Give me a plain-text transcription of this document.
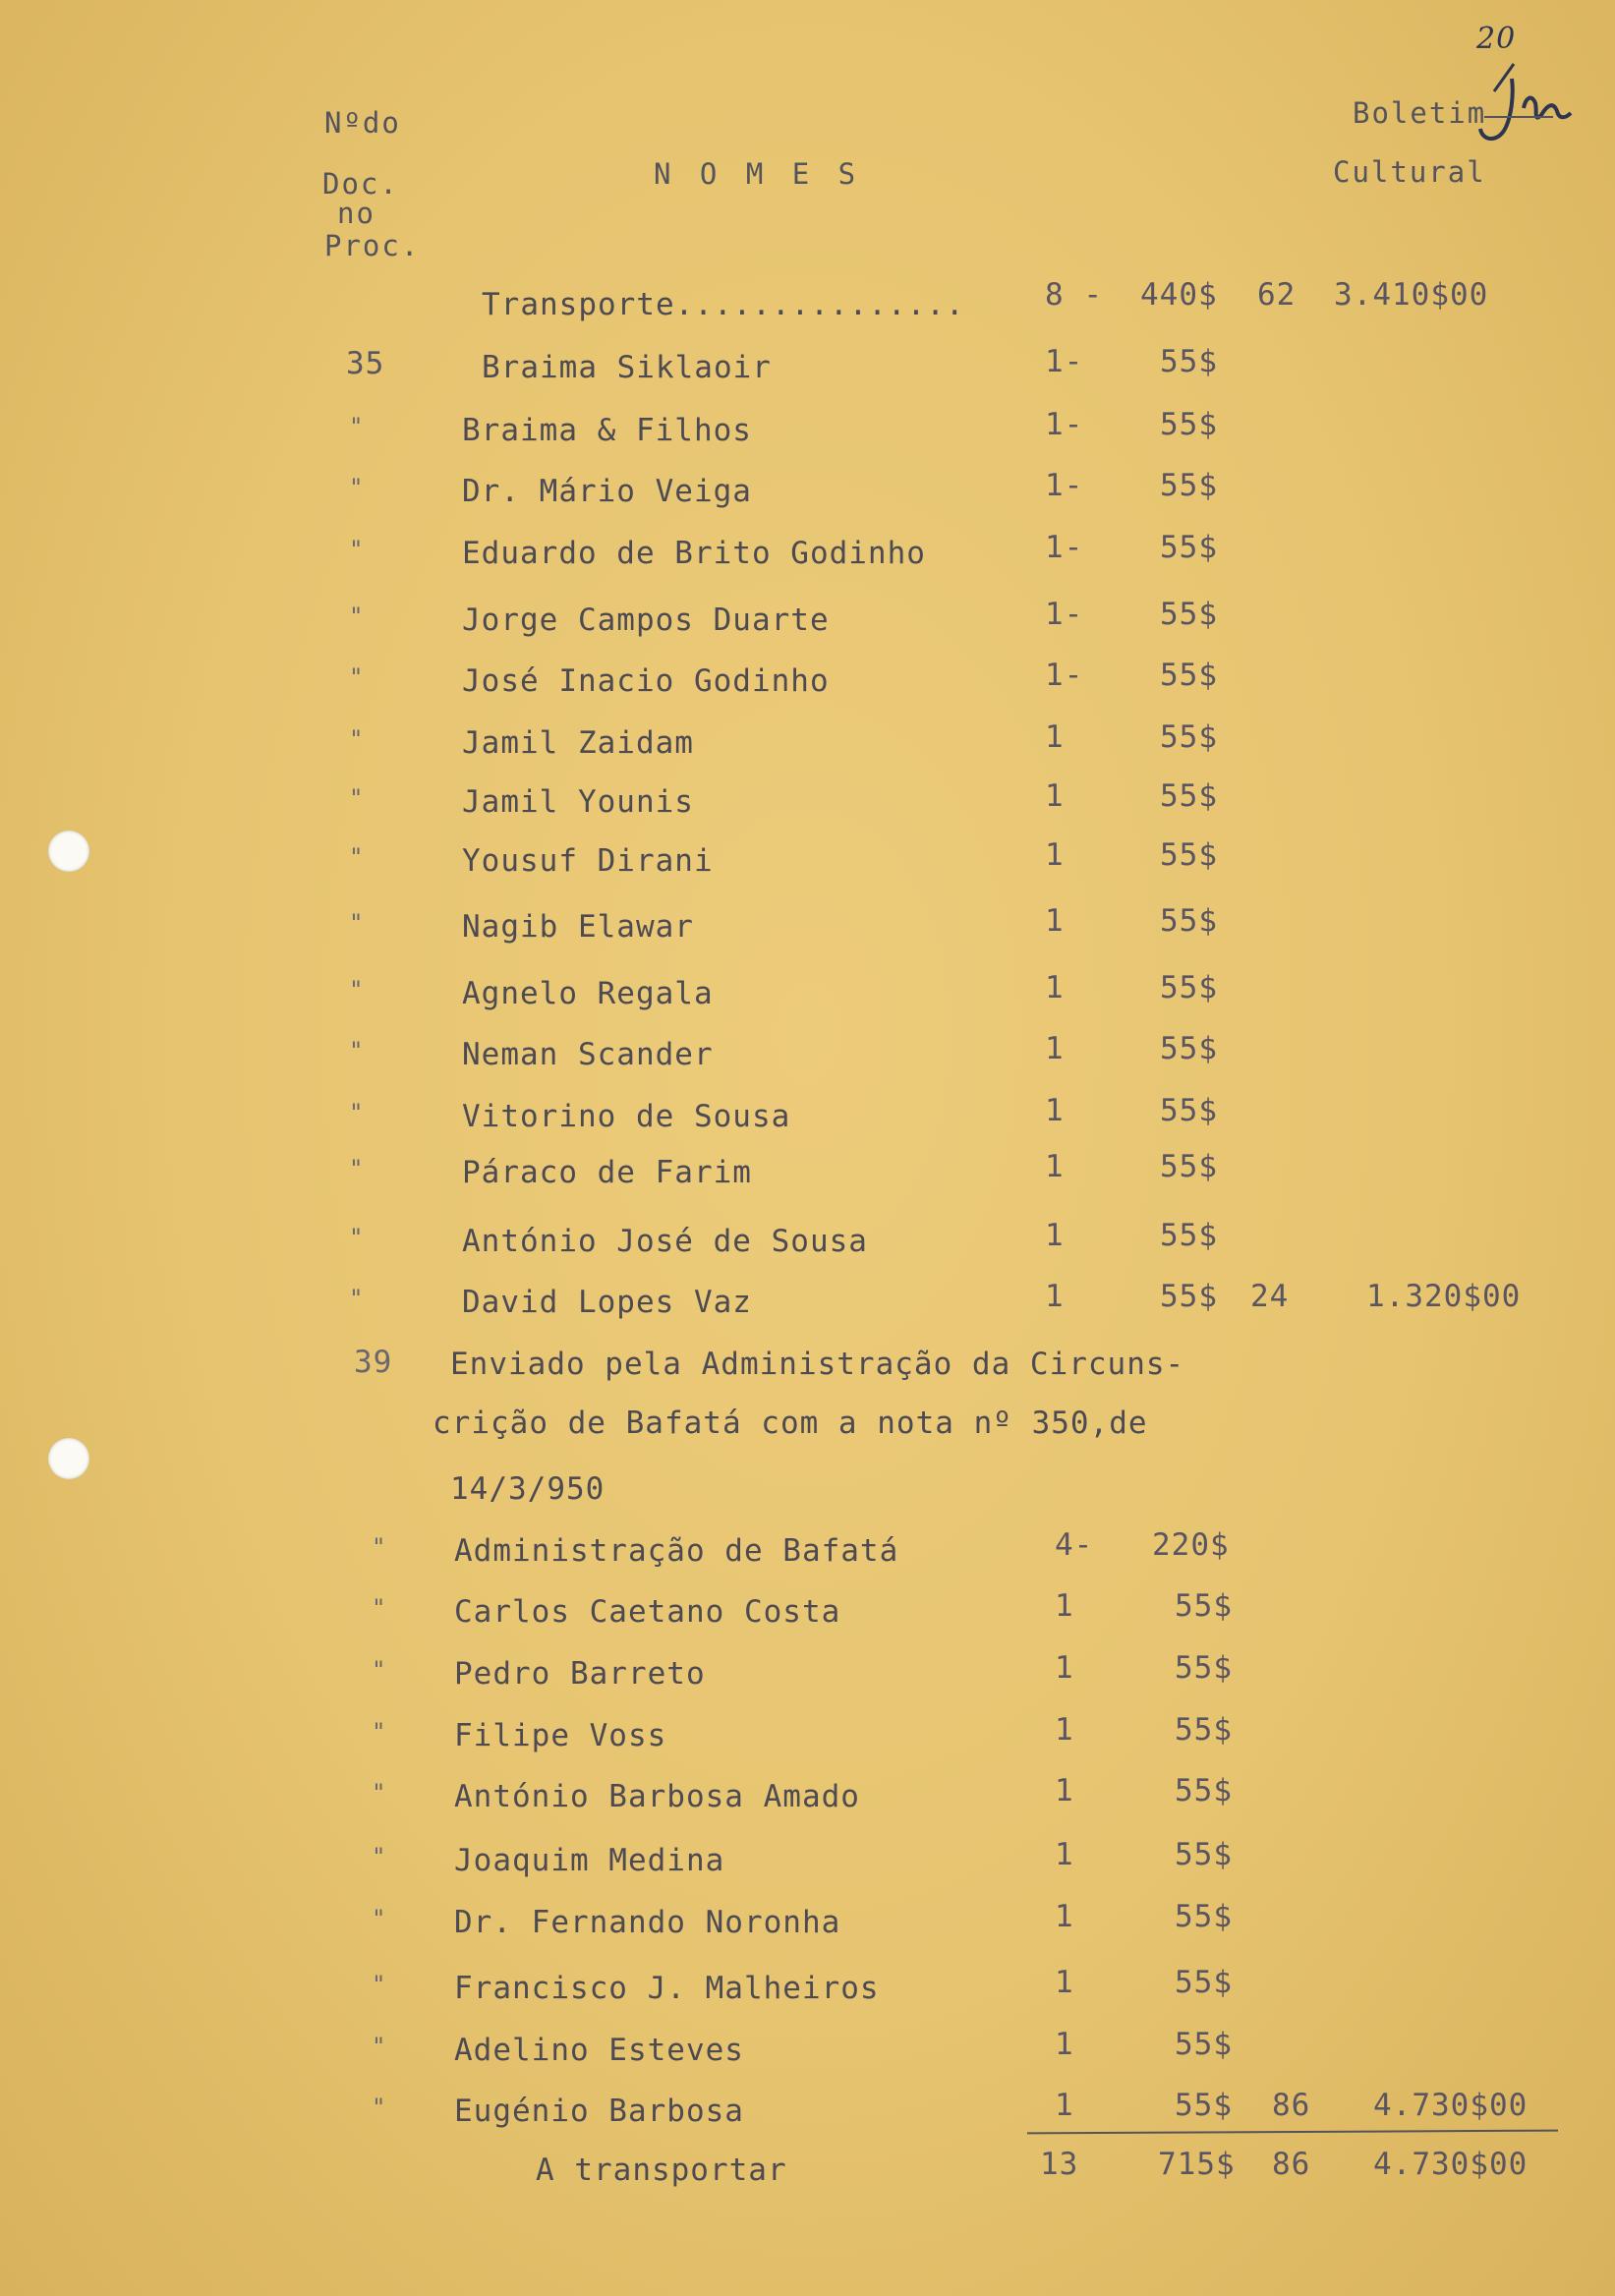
20
Nºdo
Doc.
no
Proc.
N O M E S
Boletim
Cultural
Transporte...............	8 - 440$ 62 3.410$00
35	Braima Siklaoir	1-	55$
"	Braima & Filhos	1-	55$
"	Dr. Mário Veiga	1-	55$
"	Eduardo de Brito Godinho	1-	55$
"	Jorge Campos Duarte	1-	55$
"	José Inacio Godinho	1-	55$
"	Jamil Zaidam	1	55$
"	Jamil Younis	1	55$
"	Yousuf Dirani	1	55$
"	Nagib Elawar	1	55$
"	Agnelo Regala	1	55$
"	Neman Scander	1	55$
"	Vitorino de Sousa	1	55$
"	Páraco de Farim	1	55$
"	António José de Sousa	1	55$
"	David Lopes Vaz	1	55$ 24	1.320$00
39 Enviado pela Administração da Circuns-
crição de Bafatá com a nota nº 350,de
14/3/950
" Administração de Bafatá	4- 220$
" Carlos Caetano Costa	1	55$
" Pedro Barreto	1	55$
" Filipe Voss	1	55$
" António Barbosa Amado	1	55$
" Joaquim Medina	1	55$
" Dr. Fernando Noronha	1	55$
" Francisco J. Malheiros	1	55$
" Adelino Esteves	1	55$
" Eugénio Barbosa	1	55$ 86 4.730$00
A transportar	13	715$ 86 4.730$00
